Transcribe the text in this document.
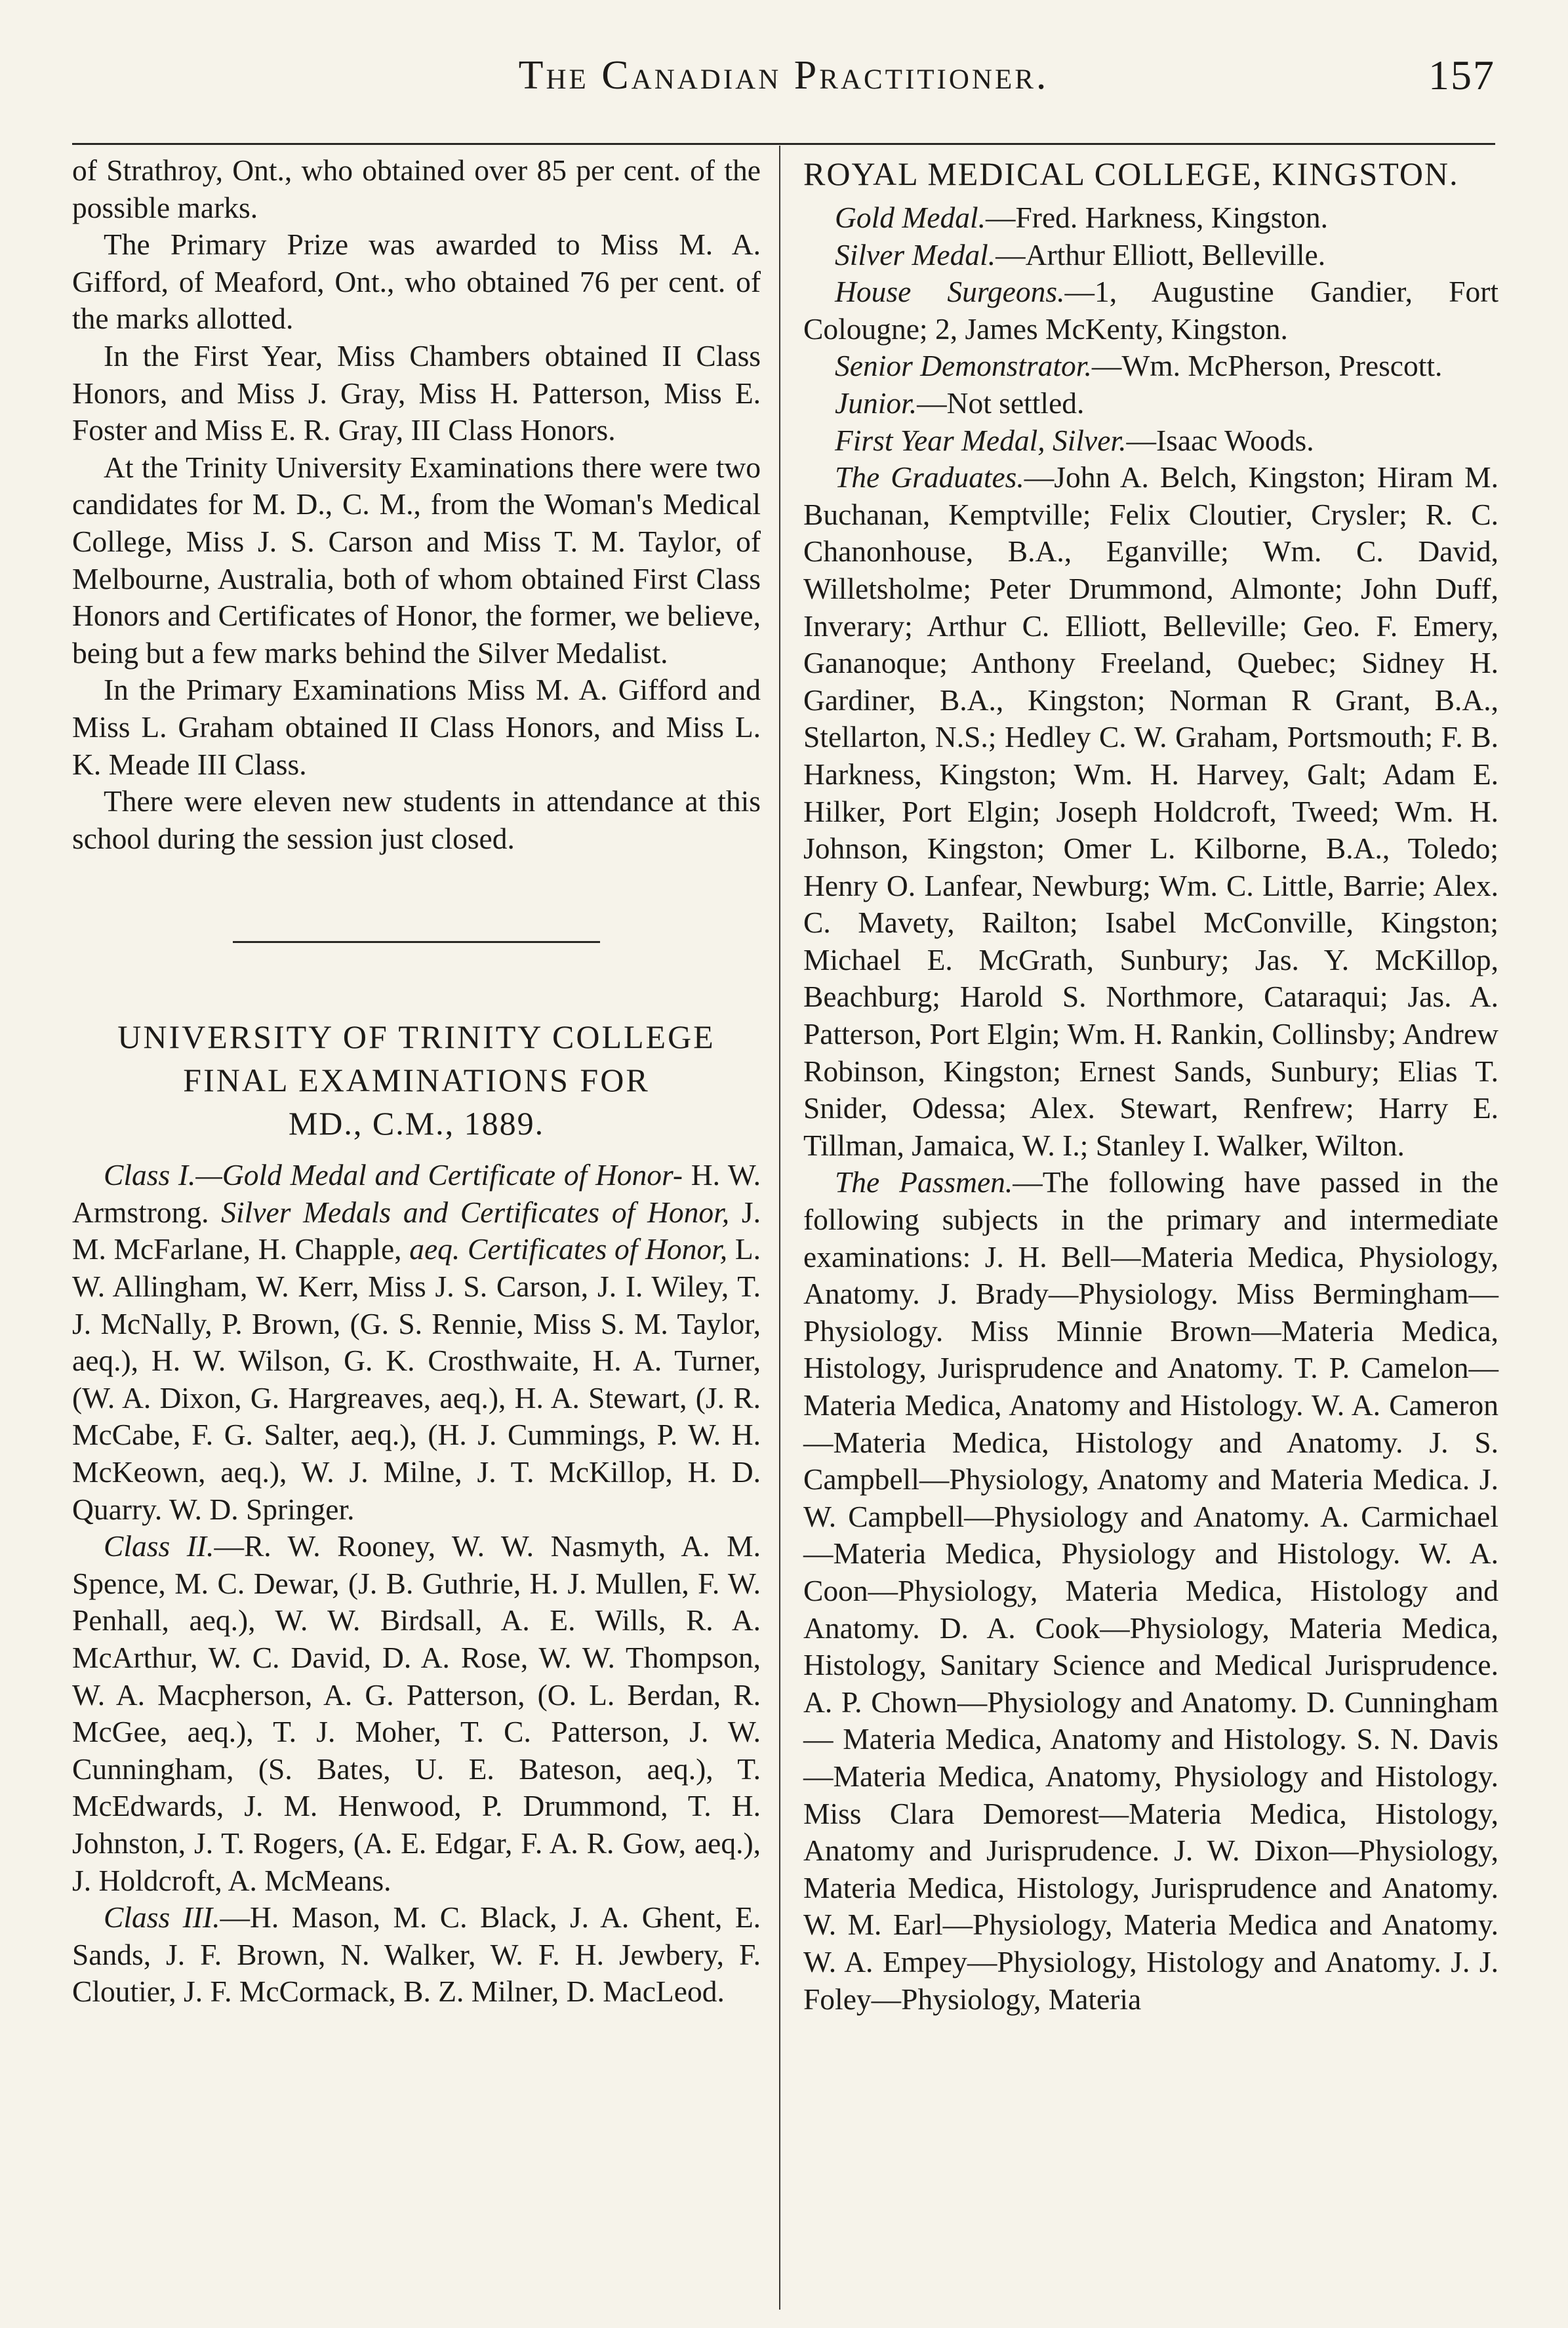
The Canadian Practitioner.	157

of Strathroy, Ont., who obtained over 85 per cent. of the possible marks.

The Primary Prize was awarded to Miss M. A. Gifford, of Meaford, Ont., who obtained 76 per cent. of the marks allotted.

In the First Year, Miss Chambers obtained II Class Honors, and Miss J. Gray, Miss H. Patterson, Miss E. Foster and Miss E. R. Gray, III Class Honors.

At the Trinity University Examinations there were two candidates for M. D., C. M., from the Woman's Medical College, Miss J. S. Carson and Miss T. M. Taylor, of Melbourne, Australia, both of whom obtained First Class Honors and Certificates of Honor, the former, we believe, being but a few marks behind the Silver Medalist.

In the Primary Examinations Miss M. A. Gifford and Miss L. Graham obtained II Class Honors, and Miss L. K. Meade III Class.

There were eleven new students in attendance at this school during the session just closed.

UNIVERSITY OF TRINITY COLLEGE
FINAL EXAMINATIONS FOR
MD., C.M., 1889.

Class I.—Gold Medal and Certificate of Honor- H. W. Armstrong. Silver Medals and Certificates of Honor, J. M. McFarlane, H. Chapple, aeq. Certificates of Honor, L. W. Allingham, W. Kerr, Miss J. S. Carson, J. I. Wiley, T. J. McNally, P. Brown, (G. S. Rennie, Miss S. M. Taylor, aeq.), H. W. Wilson, G. K. Crosthwaite, H. A. Turner, (W. A. Dixon, G. Hargreaves, aeq.), H. A. Stewart, (J. R. McCabe, F. G. Salter, aeq.), (H. J. Cummings, P. W. H. McKeown, aeq.), W. J. Milne, J. T. McKillop, H. D. Quarry. W. D. Springer.

Class II.—R. W. Rooney, W. W. Nasmyth, A. M. Spence, M. C. Dewar, (J. B. Guthrie, H. J. Mullen, F. W. Penhall, aeq.), W. W. Birdsall, A. E. Wills, R. A. McArthur, W. C. David, D. A. Rose, W. W. Thompson, W. A. Macpherson, A. G. Patterson, (O. L. Berdan, R. McGee, aeq.), T. J. Moher, T. C. Patterson, J. W. Cunningham, (S. Bates, U. E. Bateson, aeq.), T. McEdwards, J. M. Henwood, P. Drummond, T. H. Johnston, J. T. Rogers, (A. E. Edgar, F. A. R. Gow, aeq.), J. Holdcroft, A. McMeans.

Class III.—H. Mason, M. C. Black, J. A. Ghent, E. Sands, J. F. Brown, N. Walker, W. F. H. Jewbery, F. Cloutier, J. F. McCormack, B. Z. Milner, D. MacLeod.

ROYAL MEDICAL COLLEGE, KINGSTON.

Gold Medal.—Fred. Harkness, Kingston.

Silver Medal.—Arthur Elliott, Belleville.

House Surgeons.—1, Augustine Gandier, Fort Colougne; 2, James McKenty, Kingston.

Senior Demonstrator.—Wm. McPherson, Prescott.

Junior.—Not settled.

First Year Medal, Silver.—Isaac Woods.

The Graduates.—John A. Belch, Kingston; Hiram M. Buchanan, Kemptville; Felix Cloutier, Crysler; R. C. Chanonhouse, B.A., Eganville; Wm. C. David, Willetsholme; Peter Drummond, Almonte; John Duff, Inverary; Arthur C. Elliott, Belleville; Geo. F. Emery, Gananoque; Anthony Freeland, Quebec; Sidney H. Gardiner, B.A., Kingston; Norman R Grant, B.A., Stellarton, N.S.; Hedley C. W. Graham, Portsmouth; F. B. Harkness, Kingston; Wm. H. Harvey, Galt; Adam E. Hilker, Port Elgin; Joseph Holdcroft, Tweed; Wm. H. Johnson, Kingston; Omer L. Kilborne, B.A., Toledo; Henry O. Lanfear, Newburg; Wm. C. Little, Barrie; Alex. C. Mavety, Railton; Isabel McConville, Kingston; Michael E. McGrath, Sunbury; Jas. Y. McKillop, Beachburg; Harold S. Northmore, Cataraqui; Jas. A. Patterson, Port Elgin; Wm. H. Rankin, Collinsby; Andrew Robinson, Kingston; Ernest Sands, Sunbury; Elias T. Snider, Odessa; Alex. Stewart, Renfrew; Harry E. Tillman, Jamaica, W. I.; Stanley I. Walker, Wilton.

The Passmen.—The following have passed in the following subjects in the primary and intermediate examinations: J. H. Bell—Materia Medica, Physiology, Anatomy. J. Brady—Physiology. Miss Bermingham—Physiology. Miss Minnie Brown—Materia Medica, Histology, Jurisprudence and Anatomy. T. P. Camelon—Materia Medica, Anatomy and Histology. W. A. Cameron—Materia Medica, Histology and Anatomy. J. S. Campbell—Physiology, Anatomy and Materia Medica. J. W. Campbell—Physiology and Anatomy. A. Carmichael—Materia Medica, Physiology and Histology. W. A. Coon—Physiology, Materia Medica, Histology and Anatomy. D. A. Cook—Physiology, Materia Medica, Histology, Sanitary Science and Medical Jurisprudence. A. P. Chown—Physiology and Anatomy. D. Cunningham — Materia Medica, Anatomy and Histology. S. N. Davis —Materia Medica, Anatomy, Physiology and Histology. Miss Clara Demorest—Materia Medica, Histology, Anatomy and Jurisprudence. J. W. Dixon—Physiology, Materia Medica, Histology, Jurisprudence and Anatomy. W. M. Earl—Physiology, Materia Medica and Anatomy. W. A. Empey—Physiology, Histology and Anatomy. J. J. Foley—Physiology, Materia
